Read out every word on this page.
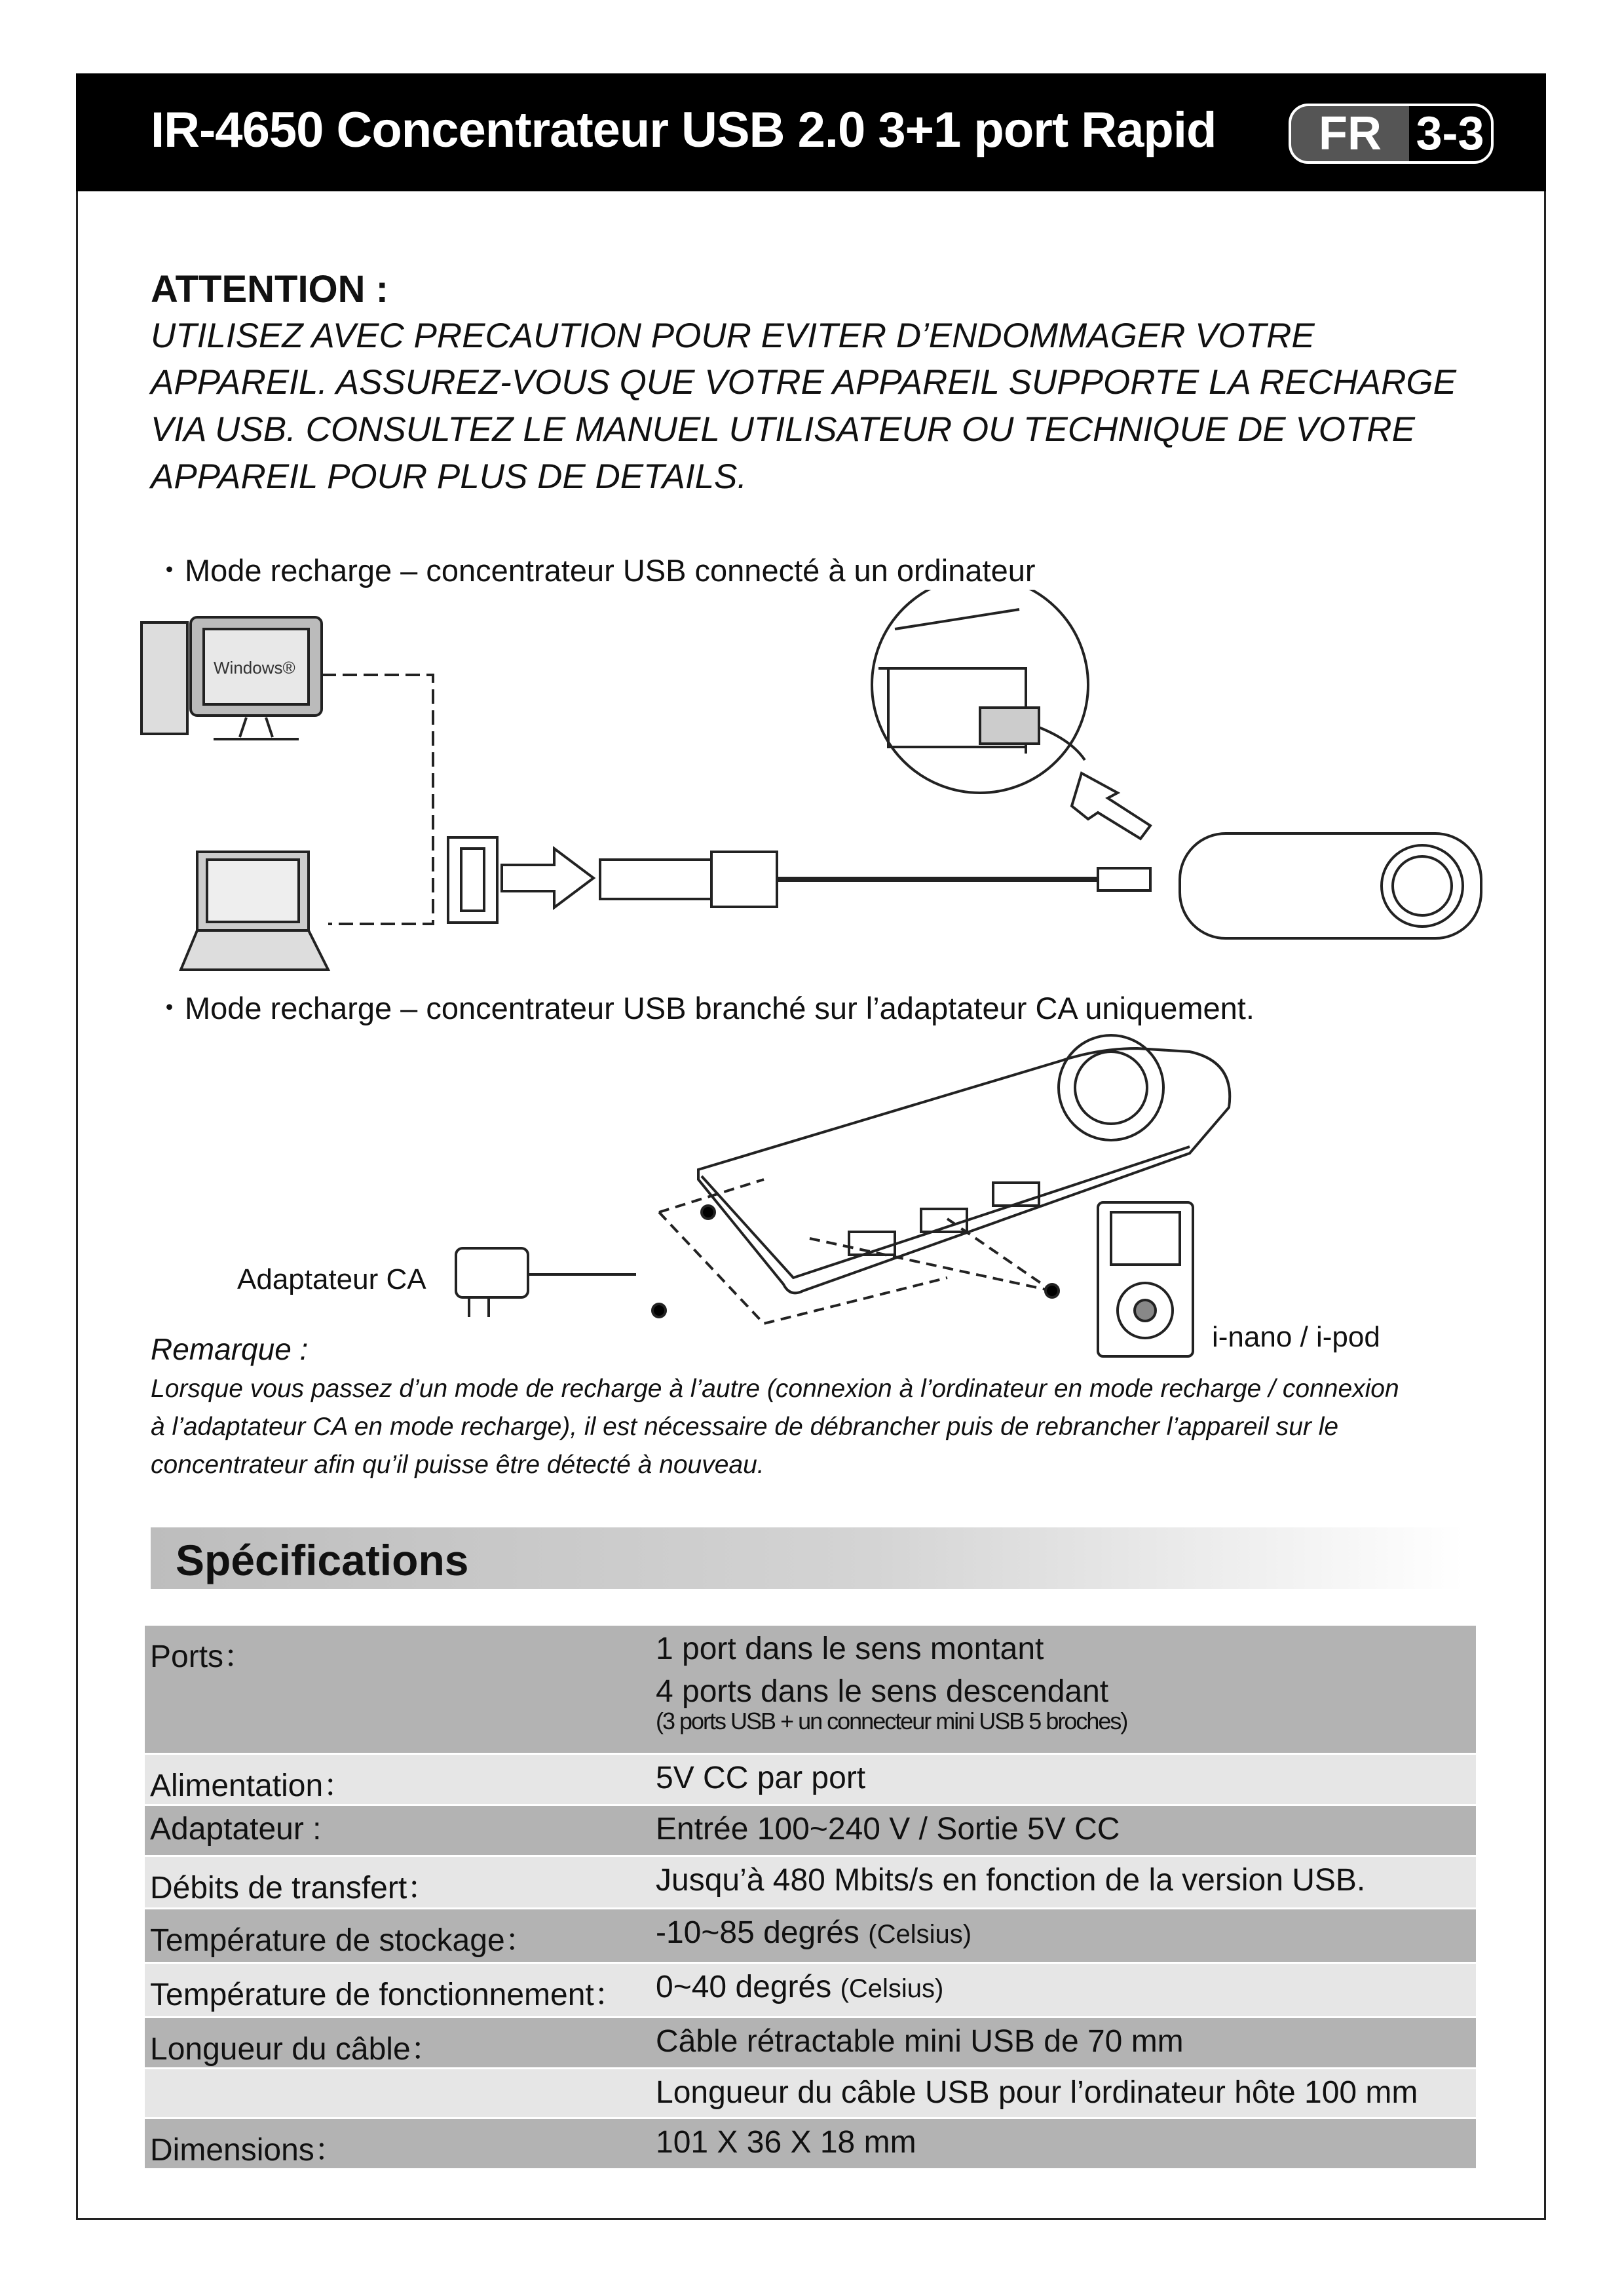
IR-4650 Concentrateur USB 2.0 3+1 port Rapid	FR 3-3
ATTENTION :
UTILISEZ AVEC PRECAUTION POUR EVITER D’ENDOMMAGER VOTRE
APPAREIL. ASSUREZ-VOUS QUE VOTRE APPAREIL SUPPORTE LA RECHARGE
VIA USB. CONSULTEZ LE MANUEL UTILISATEUR OU TECHNIQUE DE VOTRE
APPAREIL POUR PLUS DE DETAILS.
・Mode recharge – concentrateur USB connecté à un ordinateur
Windows®
・Mode recharge – concentrateur USB branché sur l’adaptateur CA uniquement.
Adaptateur CA
i-nano / i-pod
Remarque :
Lorsque vous passez d’un mode de recharge à l’autre (connexion à l’ordinateur en mode recharge / connexion
à l’adaptateur CA en mode recharge), il est nécessaire de débrancher puis de rebrancher l’appareil sur le
concentrateur afin qu’il puisse être détecté à nouveau.
Spécifications
Ports：	1 port dans le sens montant
4 ports dans le sens descendant
(3 ports USB + un connecteur mini USB 5 broches)
Alimentation：	5V CC par port
Adaptateur :	Entrée 100~240 V / Sortie 5V CC
Débits de transfert：	Jusqu’à 480 Mbits/s en fonction de la version USB.
Température de stockage：	-10~85 degrés (Celsius)
Température de fonctionnement： 0~40 degrés (Celsius)
Longueur du câble：	Câble rétractable mini USB de 70 mm
Longueur du câble USB pour l’ordinateur hôte 100 mm
Dimensions：	101 X 36 X 18 mm
